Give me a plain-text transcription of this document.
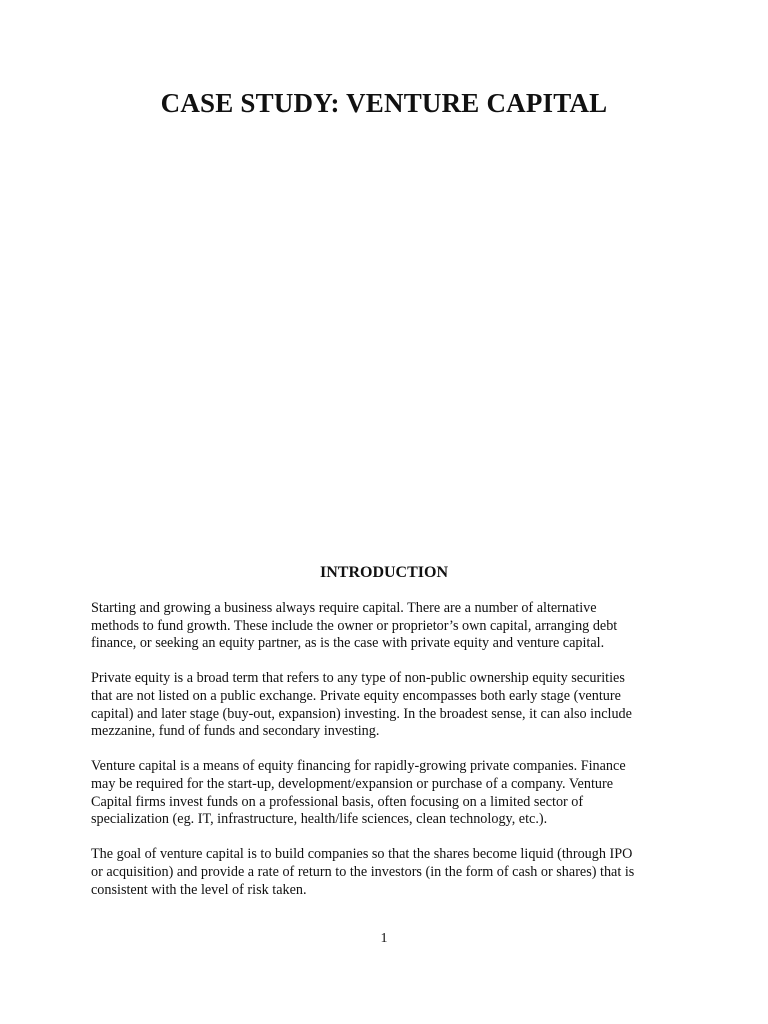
CASE STUDY: VENTURE CAPITAL
INTRODUCTION

Starting and growing a business always require capital. There are a number of alternative
methods to fund growth. These include the owner or proprietor’s own capital, arranging debt
finance, or seeking an equity partner, as is the case with private equity and venture capital.

Private equity is a broad term that refers to any type of non-public ownership equity securities
that are not listed on a public exchange. Private equity encompasses both early stage (venture
capital) and later stage (buy-out, expansion) investing. In the broadest sense, it can also include
mezzanine, fund of funds and secondary investing.

Venture capital is a means of equity financing for rapidly-growing private companies. Finance
may be required for the start-up, development/expansion or purchase of a company. Venture
Capital firms invest funds on a professional basis, often focusing on a limited sector of
specialization (eg. IT, infrastructure, health/life sciences, clean technology, etc.).

The goal of venture capital is to build companies so that the shares become liquid (through IPO
or acquisition) and provide a rate of return to the investors (in the form of cash or shares) that is
consistent with the level of risk taken.

1
